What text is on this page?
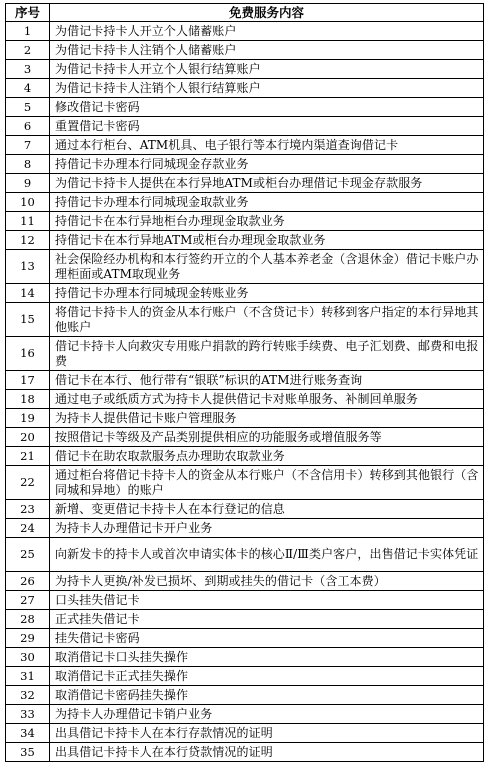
序号	免费服务内容
1	为借记卡持卡人开立个人储蓄账户
2	为借记卡持卡人注销个人储蓄账户
3	为借记卡持卡人开立个人银行结算账户
4	为借记卡持卡人注销个人银行结算账户
5	修改借记卡密码
6	重置借记卡密码
7	通过本行柜台、ATM机具、电子银行等本行境内渠道查询借记卡
8	持借记卡办理本行同城现金存款业务
9	为借记卡持卡人提供在本行异地ATM或柜台办理借记卡现金存款服务
10	持借记卡办理本行同城现金取款业务
11	持借记卡在本行异地柜台办理现金取款业务
12	持借记卡在本行异地ATM或柜台办理现金取款业务
13	社会保险经办机构和本行签约开立的个人基本养老金（含退休金）借记卡账户办理柜面或ATM取现业务
14	持借记卡办理本行同城现金转账业务
15	将借记卡持卡人的资金从本行账户（不含贷记卡）转移到客户指定的本行异地其他账户
16	借记卡持卡人向救灾专用账户捐款的跨行转账手续费、电子汇划费、邮费和电报费
17	借记卡在本行、他行带有“银联”标识的ATM进行账务查询
18	通过电子或纸质方式为持卡人提供借记卡对账单服务、补制回单服务
19	为持卡人提供借记卡账户管理服务
20	按照借记卡等级及产品类别提供相应的功能服务或增值服务等
21	借记卡在助农取款服务点办理助农取款业务
22	通过柜台将借记卡持卡人的资金从本行账户（不含信用卡）转移到其他银行（含同城和异地）的账户
23	新增、变更借记卡持卡人在本行登记的信息
24	为持卡人办理借记卡开户业务
25	向新发卡的持卡人或首次申请实体卡的核心Ⅱ/Ⅲ类户客户，出售借记卡实体凭证
26	为持卡人更换/补发已损坏、到期或挂失的借记卡（含工本费）
27	口头挂失借记卡
28	正式挂失借记卡
29	挂失借记卡密码
30	取消借记卡口头挂失操作
31	取消借记卡正式挂失操作
32	取消借记卡密码挂失操作
33	为持卡人办理借记卡销户业务
34	出具借记卡持卡人在本行存款情况的证明
35	出具借记卡持卡人在本行贷款情况的证明
